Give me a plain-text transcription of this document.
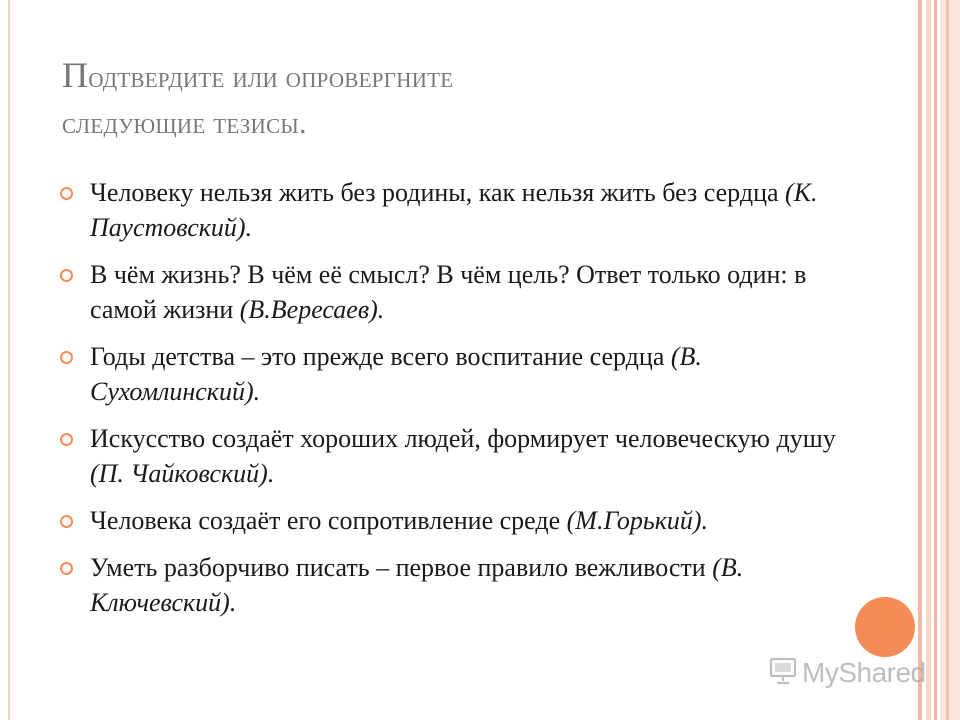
Подтвердите или опровергните
следующие тезисы.
Человеку нельзя жить без родины, как нельзя жить без сердца (К. Паустовский).
В чём жизнь? В чём её смысл? В чём цель? Ответ только один: в самой жизни (В.Вересаев).
Годы детства – это прежде всего воспитание сердца (В. Сухомлинский).
Искусство создаёт хороших людей, формирует человеческую душу (П. Чайковский).
Человека создаёт его сопротивление среде (М.Горький).
Уметь разборчиво писать – первое правило вежливости (В. Ключевский).
MyShared
